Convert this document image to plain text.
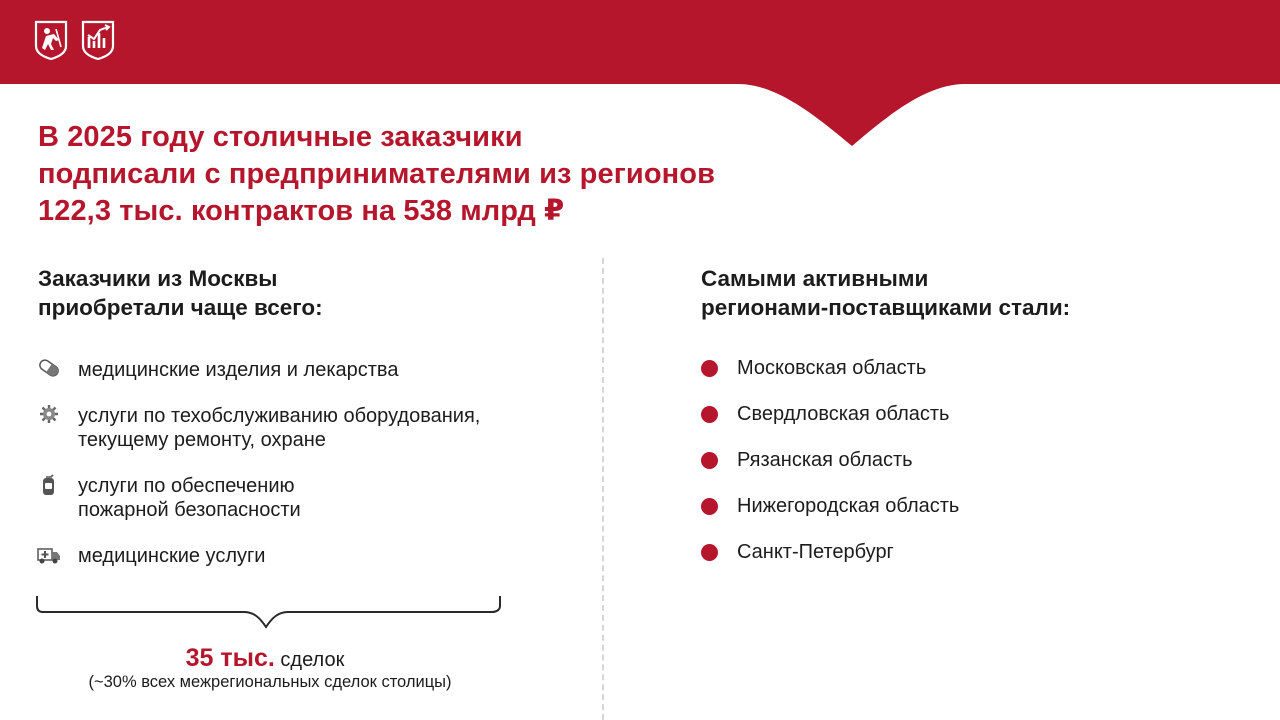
В 2025 году столичные заказчики
подписали с предпринимателями из регионов
122,3 тыс. контрактов на 538 млрд ₽
Заказчики из Москвы
приобретали чаще всего:
медицинские изделия и лекарства
услуги по техобслуживанию оборудования,
текущему ремонту, охране
услуги по обеспечению
пожарной безопасности
медицинские услуги
35 тыс. сделок
(~30% всех межрегиональных сделок столицы)
Самыми активными
регионами-поставщиками стали:
Московская область
Свердловская область
Рязанская область
Нижегородская область
Санкт-Петербург
